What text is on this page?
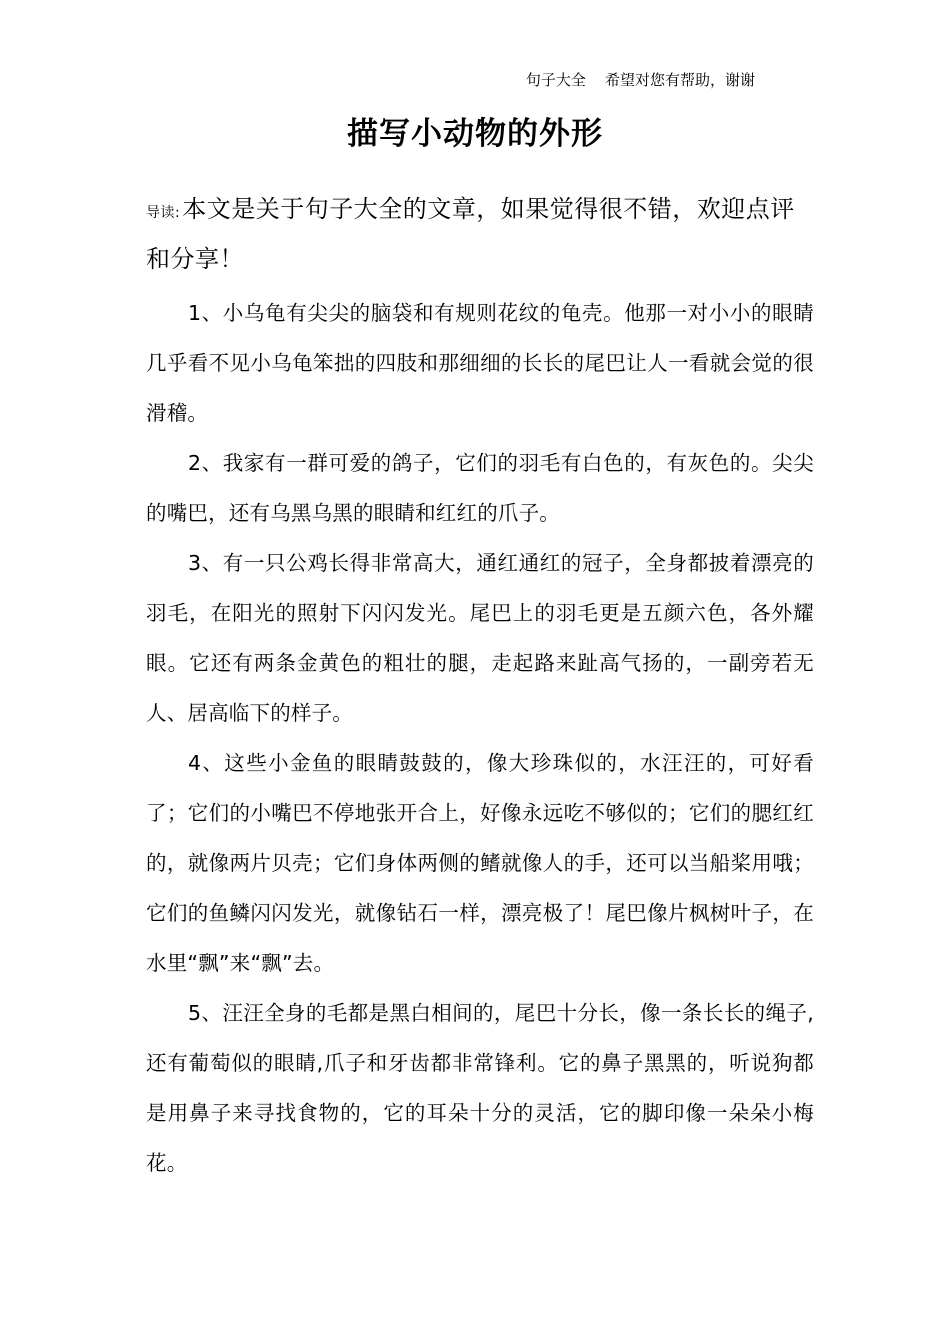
句子大全 希望对您有帮助，谢谢
描写小动物的外形

导读:本文是关于句子大全的文章，如果觉得很不错，欢迎点评和分享！

1、小乌龟有尖尖的脑袋和有规则花纹的龟壳。他那一对小小的眼睛几乎看不见小乌龟笨拙的四肢和那细细的长长的尾巴让人一看就会觉的很滑稽。

2、我家有一群可爱的鸽子，它们的羽毛有白色的，有灰色的。尖尖的嘴巴，还有乌黑乌黑的眼睛和红红的爪子。

3、有一只公鸡长得非常高大，通红通红的冠子，全身都披着漂亮的羽毛，在阳光的照射下闪闪发光。尾巴上的羽毛更是五颜六色，各外耀眼。它还有两条金黄色的粗壮的腿，走起路来趾高气扬的，一副旁若无人、居高临下的样子。

4、这些小金鱼的眼睛鼓鼓的，像大珍珠似的，水汪汪的，可好看了；它们的小嘴巴不停地张开合上，好像永远吃不够似的；它们的腮红红的，就像两片贝壳；它们身体两侧的鳍就像人的手，还可以当船桨用哦；它们的鱼鳞闪闪发光，就像钻石一样，漂亮极了！尾巴像片枫树叶子，在水里“飘”来“飘”去。

5、汪汪全身的毛都是黑白相间的，尾巴十分长，像一条长长的绳子,还有葡萄似的眼睛,爪子和牙齿都非常锋利。它的鼻子黑黑的，听说狗都是用鼻子来寻找食物的，它的耳朵十分的灵活，它的脚印像一朵朵小梅花。
